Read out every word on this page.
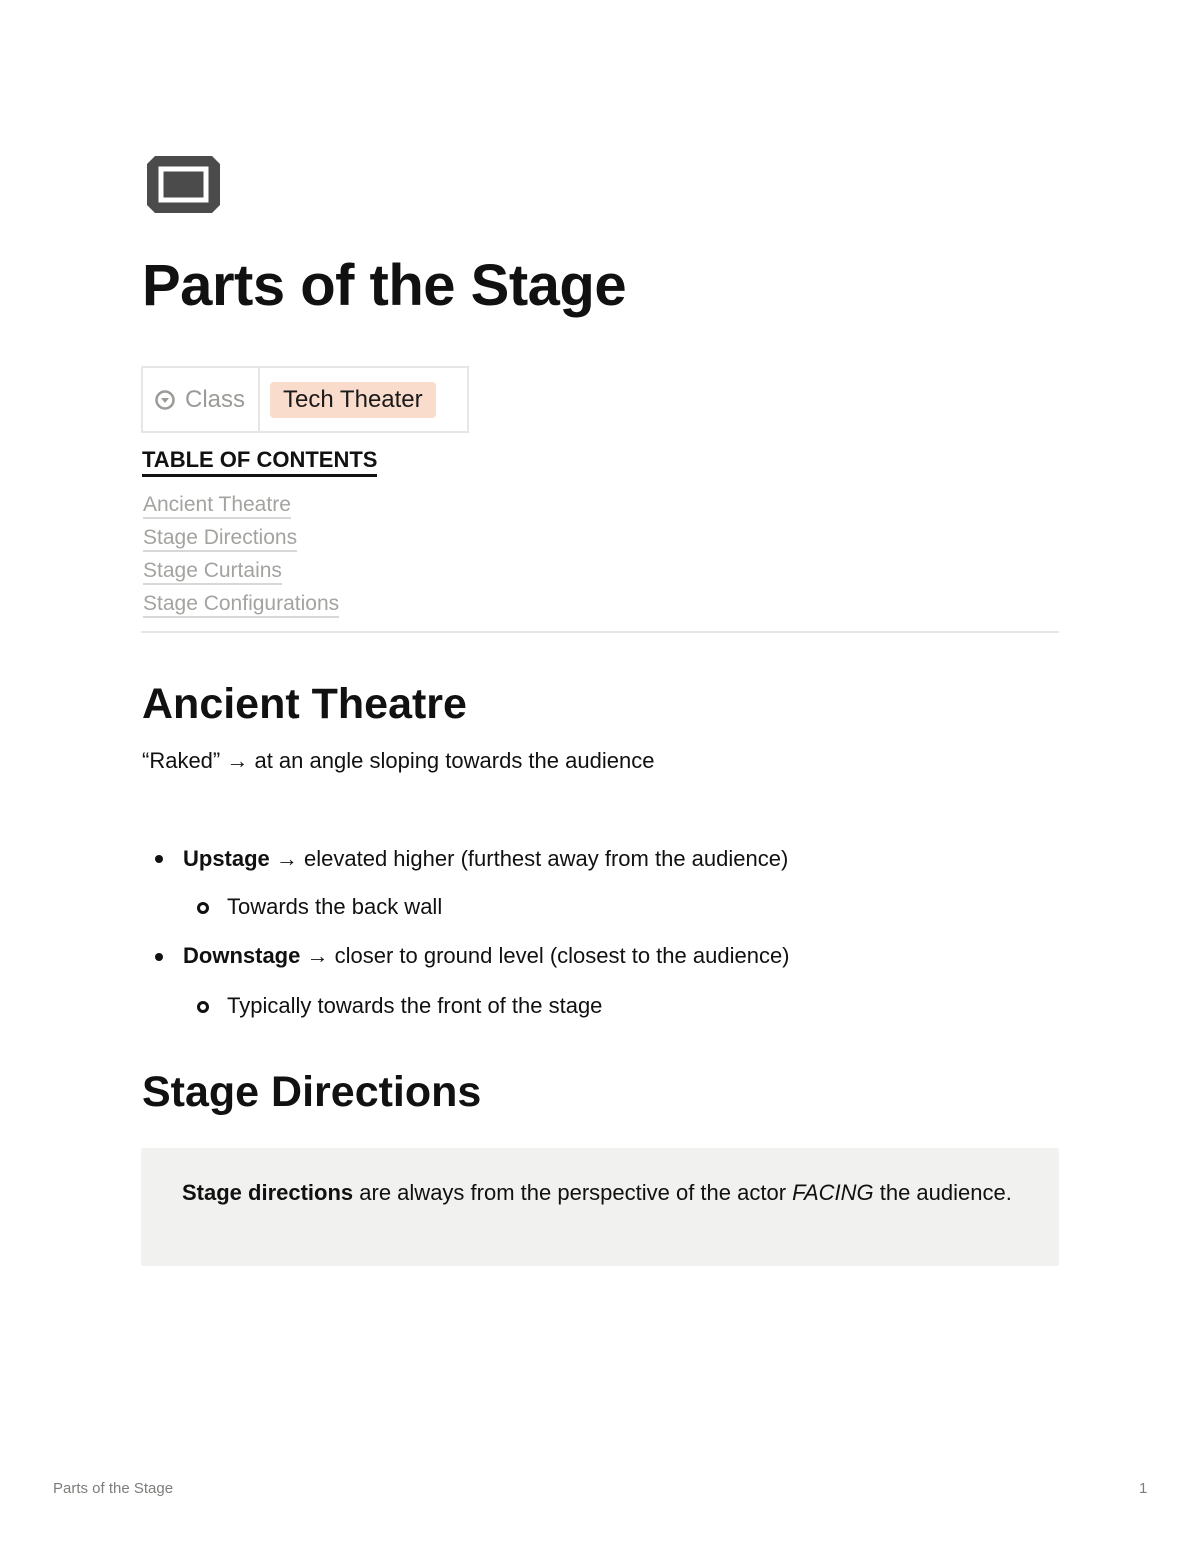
Parts of the Stage
Class	Tech Theater
TABLE OF CONTENTS
Ancient Theatre
Stage Directions
Stage Curtains
Stage Configurations
Ancient Theatre

“Raked” → at an angle sloping towards the audience

Upstage → elevated higher (furthest away from the audience)
Towards the back wall
Downstage → closer to ground level (closest to the audience)
Typically towards the front of the stage
Stage Directions
Stage directions are always from the perspective of the actor FACING the audience.
Parts of the Stage	1
